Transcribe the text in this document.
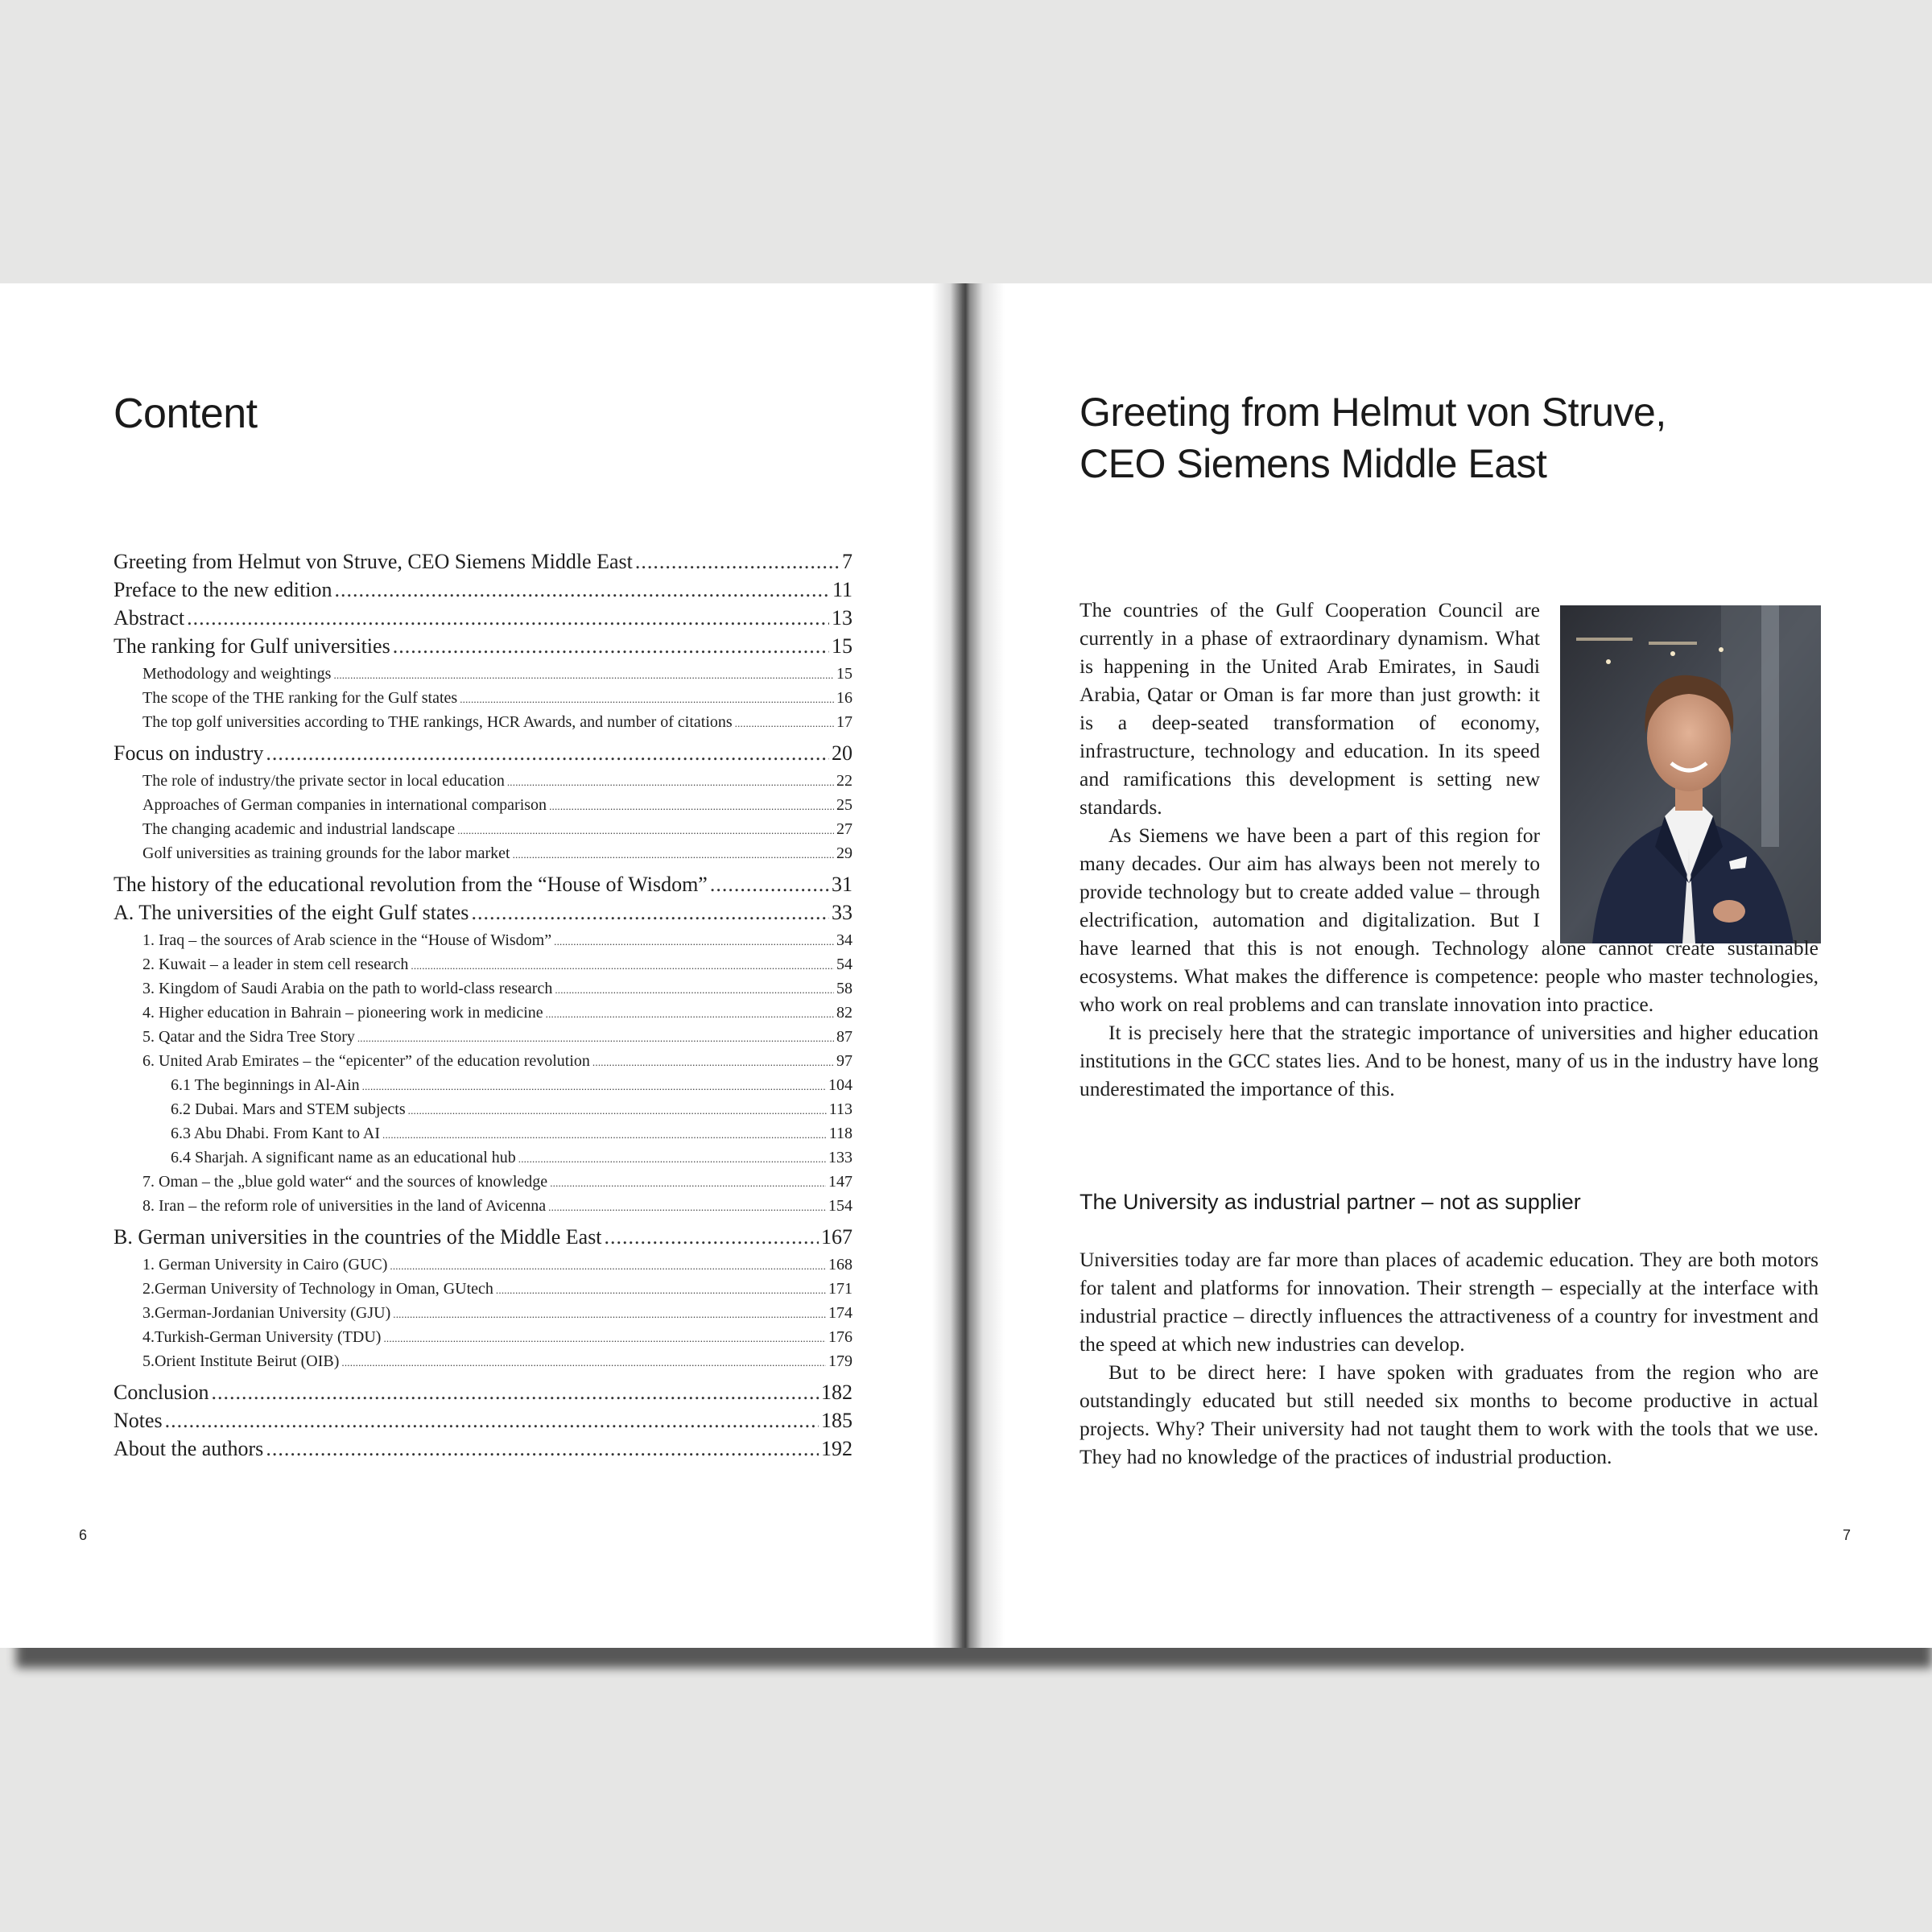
Content
Greeting from Helmut von Struve, CEO Siemens Middle East .....	7
Preface to the new edition .....	11
Abstract .....	13
The ranking for Gulf universities .....	15
Methodology and weightings .....	15
The scope of the THE ranking for the Gulf states .....	16
The top golf universities according to THE rankings, HCR Awards, and number of citations .....	17
Focus on industry .....	20
The role of industry/the private sector in local education .....	22
Approaches of German companies in international comparison .....	25
The changing academic and industrial landscape .....	27
Golf universities as training grounds for the labor market .....	29
The history of the educational revolution from the “House of Wisdom” .....	31
A. The universities of the eight Gulf states .....	33
1. Iraq – the sources of Arab science in the “House of Wisdom” .....	34
2. Kuwait – a leader in stem cell research .....	54
3. Kingdom of Saudi Arabia on the path to world-class research .....	58
4. Higher education in Bahrain – pioneering work in medicine .....	82
5. Qatar and the Sidra Tree Story .....	87
6. United Arab Emirates – the “epicenter” of the education revolution .....	97
6.1 The beginnings in Al-Ain .....	104
6.2 Dubai. Mars and STEM subjects .....	113
6.3 Abu Dhabi. From Kant to AI .....	118
6.4 Sharjah. A significant name as an educational hub .....	133
7. Oman – the „blue gold water“ and the sources of knowledge .....	147
8. Iran – the reform role of universities in the land of Avicenna .....	154
B. German universities in the countries of the Middle East .....	167
1. German University in Cairo (GUC) .....	168
2.German University of Technology in Oman, GUtech .....	171
3.German-Jordanian University (GJU) .....	174
4.Turkish-German University (TDU) .....	176
5.Orient Institute Beirut (OIB) .....	179
Conclusion .....	182
Notes .....	185
About the authors .....	192
6
Greeting from Helmut von Struve,
CEO Siemens Middle East

The countries of the Gulf Cooperation Council are currently in a phase of extraordinary dynamism. What is happening in the United Arab Emirates, in Saudi Arabia, Qatar or Oman is far more than just growth: it is a deep-seated transformation of economy, infrastructure, technology and education. In its speed and ramifications this development is setting new standards.

As Siemens we have been a part of this region for many decades. Our aim has always been not merely to provide technology but to create added value – through electrification, automation and digitalization. But I have learned that this is not enough. Technology alone cannot create sustainable ecosystems. What makes the difference is competence: people who master technologies, who work on real problems and can translate innovation into practice.

It is precisely here that the strategic importance of universities and higher education institutions in the GCC states lies. And to be honest, many of us in the industry have long underestimated the importance of this.

The University as industrial partner – not as supplier

Universities today are far more than places of academic education. They are both motors for talent and platforms for innovation. Their strength – especially at the interface with industrial practice – directly influences the attractiveness of a country for investment and the speed at which new industries can develop.

But to be direct here: I have spoken with graduates from the region who are outstandingly educated but still needed six months to become productive in actual projects. Why? Their university had not taught them to work with the tools that we use. They had no knowledge of the practices of industrial production.

7
